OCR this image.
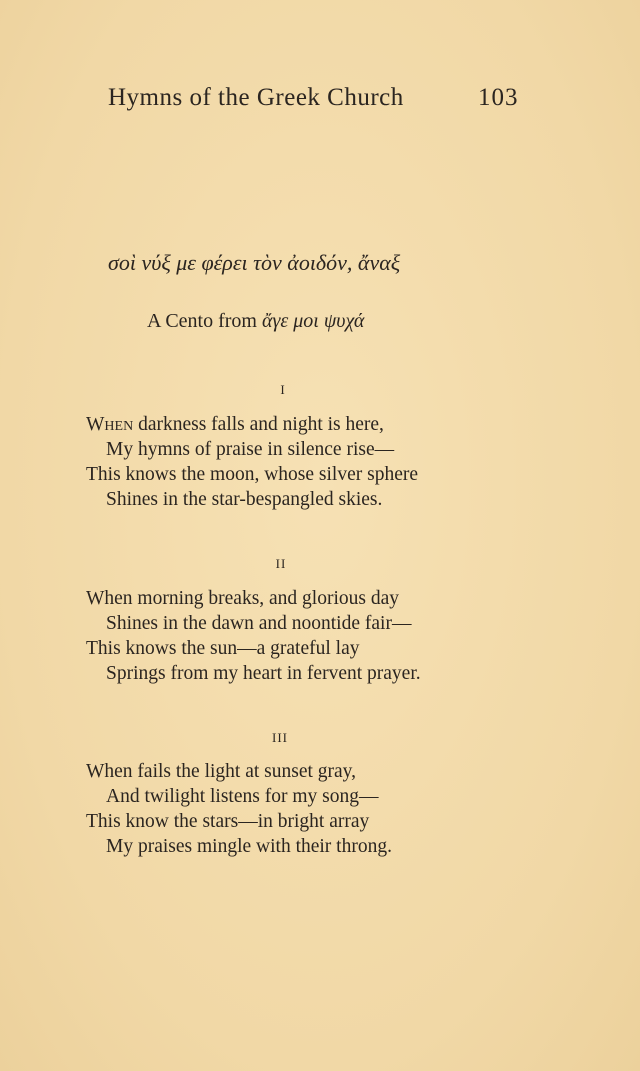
Hymns of the Greek Church	103
σοὶ νύξ με φέρει τὸν ἀοιδόν, ἄναξ
A Cento from ἄγε μοι ψυχά
I
When darkness falls and night is here,
My hymns of praise in silence rise—
This knows the moon, whose silver sphere
Shines in the star-bespangled skies.
II
When morning breaks, and glorious day
Shines in the dawn and noontide fair—
This knows the sun—a grateful lay
Springs from my heart in fervent prayer.
III
When fails the light at sunset gray,
And twilight listens for my song—
This know the stars—in bright array
My praises mingle with their throng.
